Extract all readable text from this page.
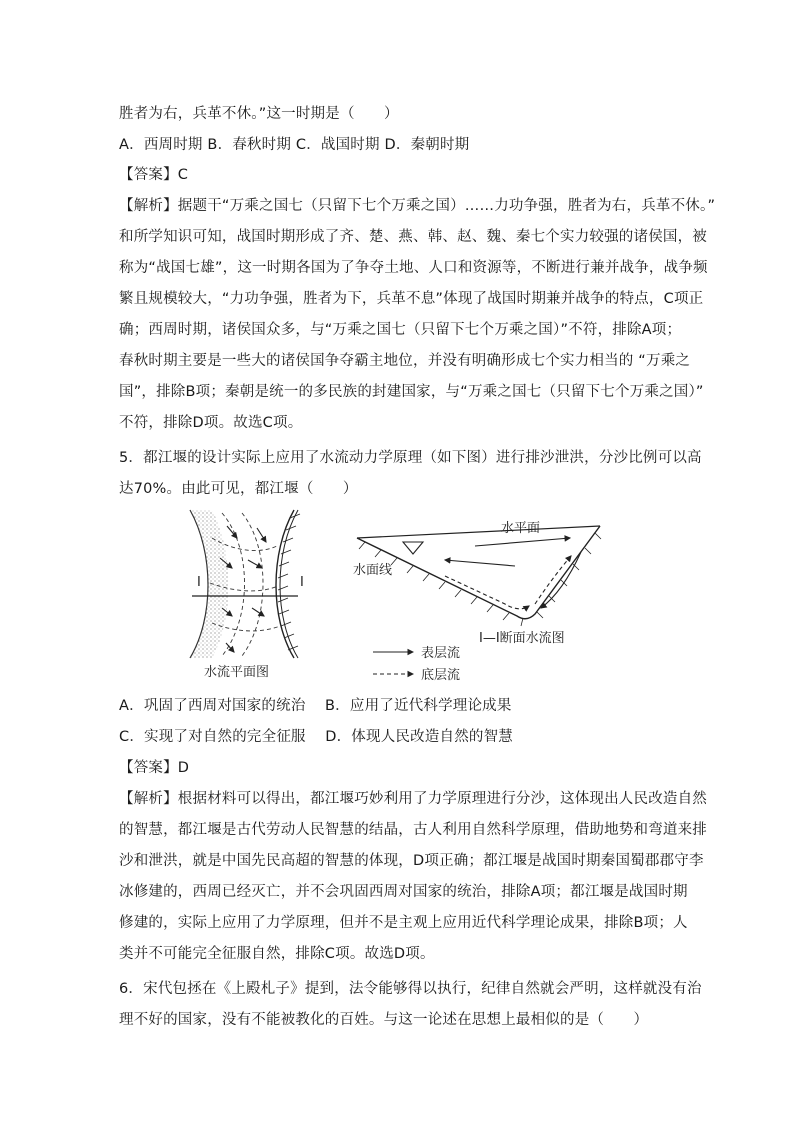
胜者为右，兵革不休。”这一时期是（　　）
A．西周时期 B．春秋时期 C．战国时期 D．秦朝时期
【答案】C
【解析】据题干“万乘之国七（只留下七个万乘之国）……力功争强，胜者为右，兵革不休。”
和所学知识可知，战国时期形成了齐、楚、燕、韩、赵、魏、秦七个实力较强的诸侯国，被
称为“战国七雄”，这一时期各国为了争夺土地、人口和资源等，不断进行兼并战争，战争频
繁且规模较大，“力功争强，胜者为下，兵革不息”体现了战国时期兼并战争的特点，C项正
确；西周时期，诸侯国众多，与“万乘之国七（只留下七个万乘之国）”不符，排除A项；
春秋时期主要是一些大的诸侯国争夺霸主地位，并没有明确形成七个实力相当的 “万乘之
国”，排除B项；秦朝是统一的多民族的封建国家，与“万乘之国七（只留下七个万乘之国）”
不符，排除D项。故选C项。
5．都江堰的设计实际上应用了水流动力学原理（如下图）进行排沙泄洪，分沙比例可以高
达70%。由此可见，都江堰（　　）
I	I
水流平面图
水平面
水面线
I—I断面水流图
表层流
底层流
A．巩固了西周对国家的统治　 B．应用了近代科学理论成果
C．实现了对自然的完全征服　 D．体现人民改造自然的智慧
【答案】D
【解析】根据材料可以得出，都江堰巧妙利用了力学原理进行分沙，这体现出人民改造自然
的智慧，都江堰是古代劳动人民智慧的结晶，古人利用自然科学原理，借助地势和弯道来排
沙和泄洪，就是中国先民高超的智慧的体现，D项正确；都江堰是战国时期秦国蜀郡郡守李
冰修建的，西周已经灭亡，并不会巩固西周对国家的统治，排除A项；都江堰是战国时期
修建的，实际上应用了力学原理，但并不是主观上应用近代科学理论成果，排除B项；人
类并不可能完全征服自然，排除C项。故选D项。
6．宋代包拯在《上殿札子》提到，法令能够得以执行，纪律自然就会严明，这样就没有治
理不好的国家，没有不能被教化的百姓。与这一论述在思想上最相似的是（　　）
